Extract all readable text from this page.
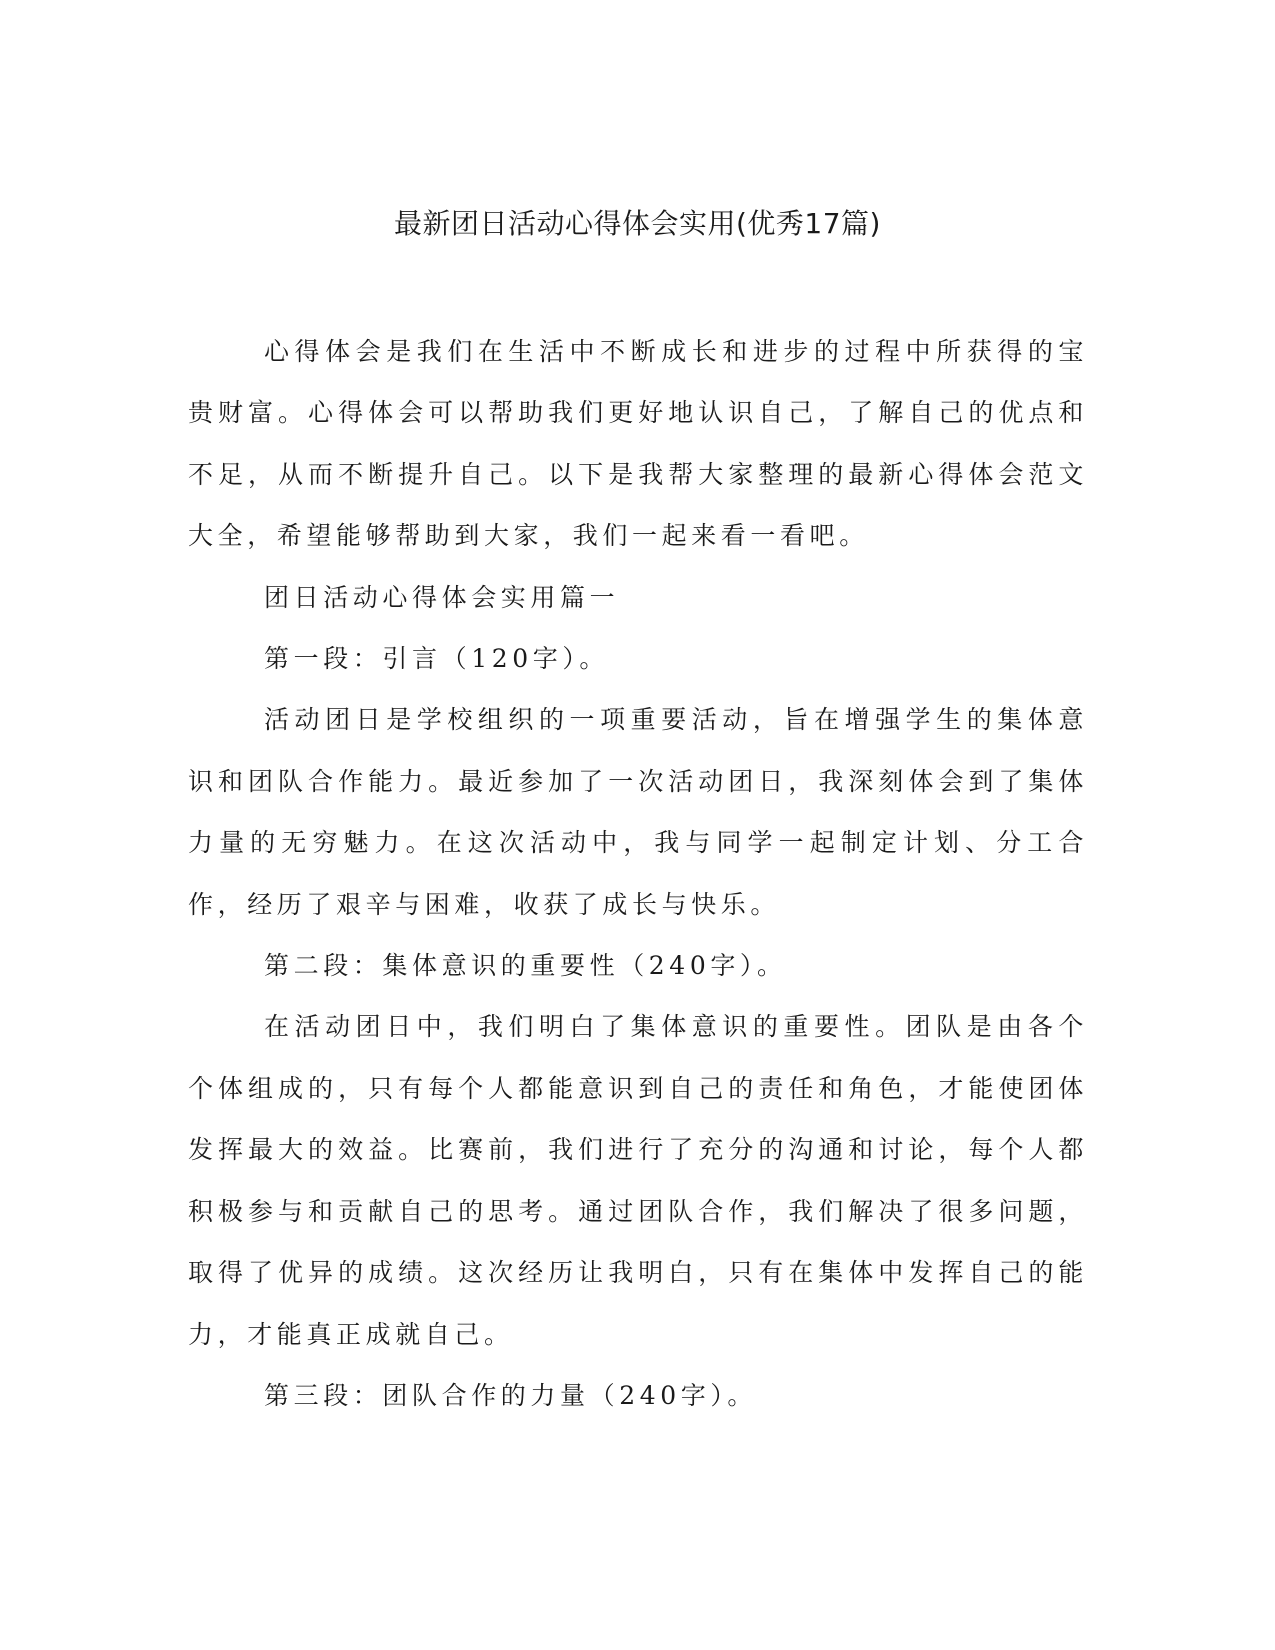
最新团日活动心得体会实用(优秀17篇)

心得体会是我们在生活中不断成长和进步的过程中所获得的宝贵财富。心得体会可以帮助我们更好地认识自己，了解自己的优点和不足，从而不断提升自己。以下是我帮大家整理的最新心得体会范文大全，希望能够帮助到大家，我们一起来看一看吧。

团日活动心得体会实用篇一

第一段：引言（120字）。

活动团日是学校组织的一项重要活动，旨在增强学生的集体意识和团队合作能力。最近参加了一次活动团日，我深刻体会到了集体力量的无穷魅力。在这次活动中，我与同学一起制定计划、分工合作，经历了艰辛与困难，收获了成长与快乐。

第二段：集体意识的重要性（240字）。

在活动团日中，我们明白了集体意识的重要性。团队是由各个个体组成的，只有每个人都能意识到自己的责任和角色，才能使团体发挥最大的效益。比赛前，我们进行了充分的沟通和讨论，每个人都积极参与和贡献自己的思考。通过团队合作，我们解决了很多问题，取得了优异的成绩。这次经历让我明白，只有在集体中发挥自己的能力，才能真正成就自己。

第三段：团队合作的力量（240字）。
